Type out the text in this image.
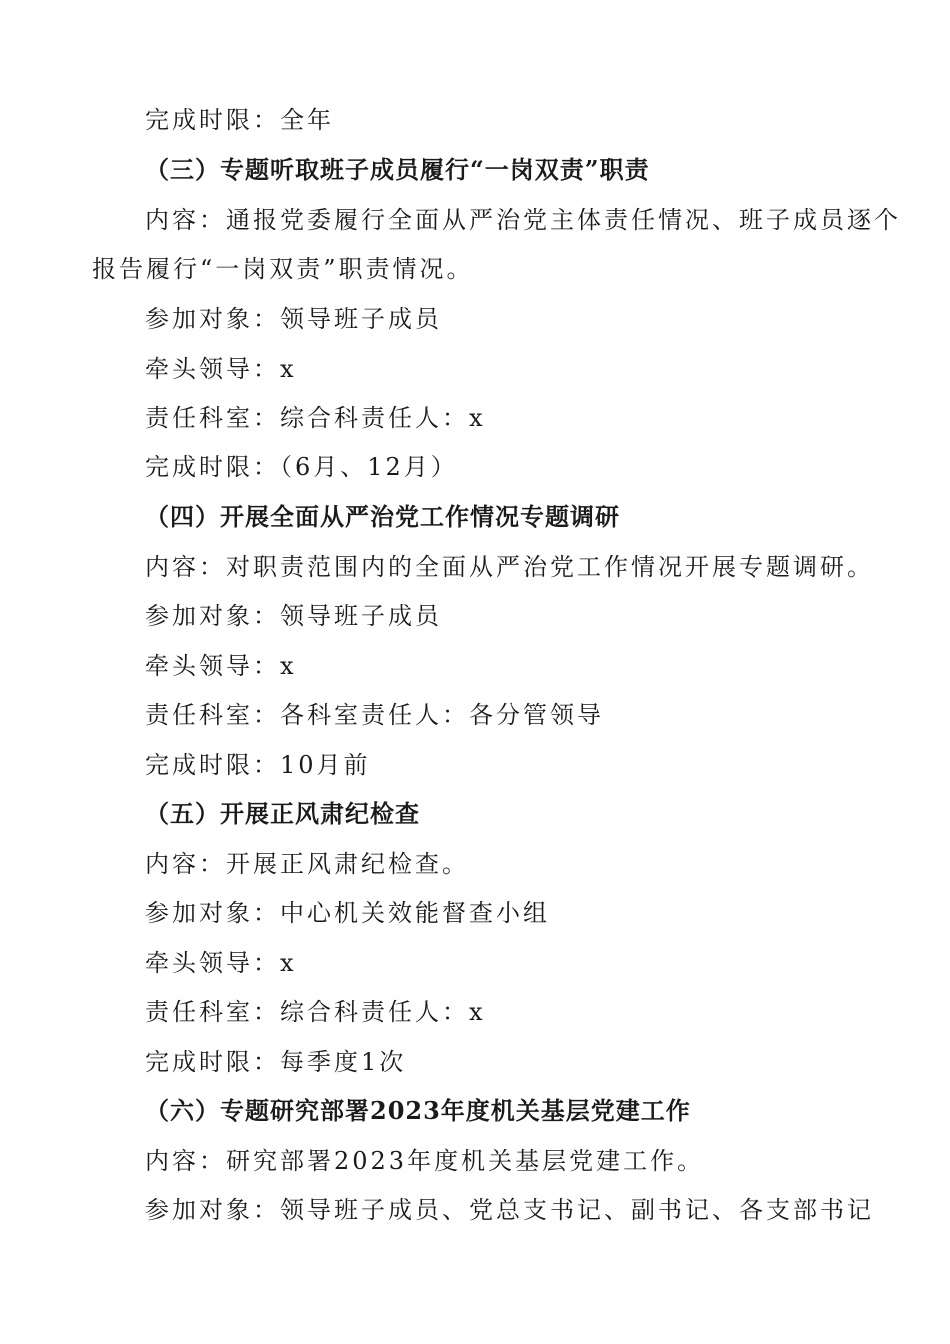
完成时限：全年
（三）专题听取班子成员履行“一岗双责”职责
内容：通报党委履行全面从严治党主体责任情况、班子成员逐个
报告履行“一岗双责”职责情况。
参加对象：领导班子成员
牵头领导：x
责任科室：综合科责任人：x
完成时限：（6月、12月）
（四）开展全面从严治党工作情况专题调研
内容：对职责范围内的全面从严治党工作情况开展专题调研。
参加对象：领导班子成员
牵头领导：x
责任科室：各科室责任人：各分管领导
完成时限：10月前
（五）开展正风肃纪检查
内容：开展正风肃纪检查。
参加对象：中心机关效能督查小组
牵头领导：x
责任科室：综合科责任人：x
完成时限：每季度1次
（六）专题研究部署2023年度机关基层党建工作
内容：研究部署2023年度机关基层党建工作。
参加对象：领导班子成员、党总支书记、副书记、各支部书记
